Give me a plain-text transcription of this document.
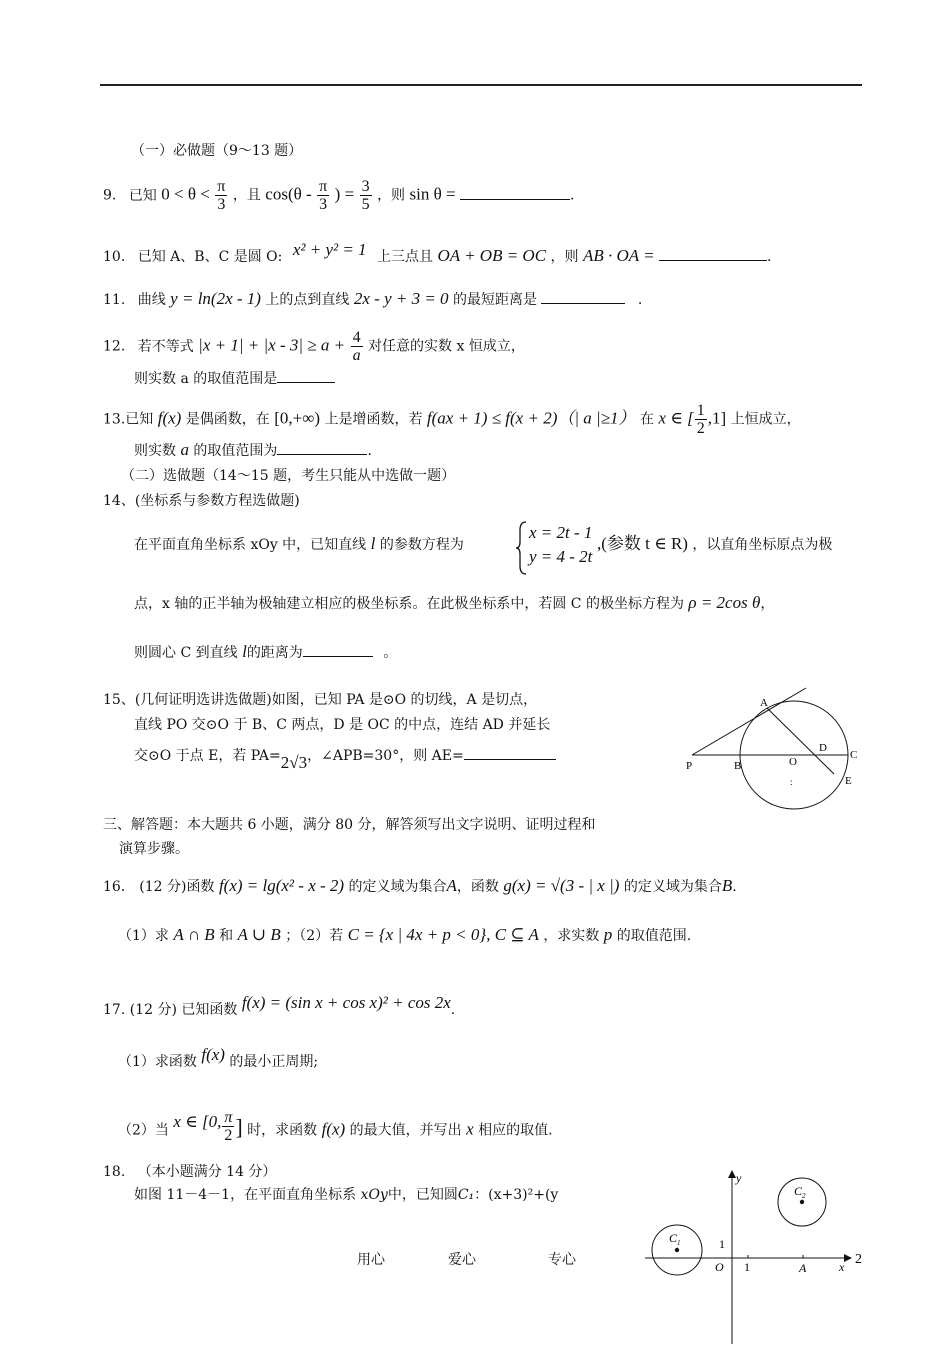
（一）必做题（9～13 题）
9. 已知 $0 < \theta < \frac{\pi}{3}$ ，且 $\cos(\theta - \frac{\pi}{3}$ ) = $\frac{3}{5}$ ，则 sin θ =	.
10. 已知 A、B、C 是圆 O: x² + y² = 1 上三点且 OA + OB = OC ，则 AB · OA =	.
11. 曲线 y = ln(2x - 1) 上的点到直线 2x - y + 3 = 0 的最短距离是	.
12. 若不等式 $|x + 1| + |x - 3| \ge a + \frac{4}{a}$ 对任意的实数 x 恒成立，
则实数 a 的取值范围是
13.已知 f(x) 是偶函数，在 [0,+∞) 上是增函数，若 f(ax + 1) ≤ f(x + 2)（| a |≥1） 在 x ∈ [ $\frac{1}{2} ,1$] 上恒成立，
则实数 a 的取值范围为	.
（二）选做题（14～15 题，考生只能从中选做一题）
14、(坐标系与参数方程选做题)
在平面直角坐标系 xOy 中，已知直线 l 的参数方程为
x = 2t - 1
y = 4 - 2t
,(参数 t ∈ R) ，以直角坐标原点为极
点，x 轴的正半轴为极轴建立相应的极坐标系。在此极坐标系中，若圆 C 的极坐标方程为 ρ = 2cos θ，
则圆心 C 到直线 l的距离为	。
15、(几何证明选讲选做题)如图，已知 PA 是⊙O 的切线，A 是切点，
直线 PO 交⊙O 于 B、C 两点，D 是 OC 的中点，连结 AD 并延长
交⊙O 于点 E，若 PA=2√3，∠APB=30°，则 AE=
A
P	B	O
D
C
E
:
三、解答题：本大题共 6 小题，满分 80 分，解答须写出文字说明、证明过程和
演算步骤。
16． (12 分)函数 f(x) = lg(x² - x - 2) 的定义域为集合A，函数 g(x) = √(3 - | x |) 的定义域为集合B.
（1）求 A ∩ B 和 A ∪ B ；（2）若 C = {x | 4x + p < 0}, C ⊆ A ，求实数 p 的取值范围.
17. (12 分) 已知函数 f(x) = (sin x + cos x)² + cos 2x.
（1）求函数 f(x) 的最小正周期;
（2）当 x ∈ [0, $\frac{\pi}{2}$ ] 时，求函数 f(x) 的最大值，并写出 x 相应的取值.
18. （本小题满分 14 分）
如图 11－4－1，在平面直角坐标系 xOy中，已知圆C₁：(x+3)²+(y
y
x 2
O
1
1	A
$C_1$
$C_2$
用心	爱心	专心
